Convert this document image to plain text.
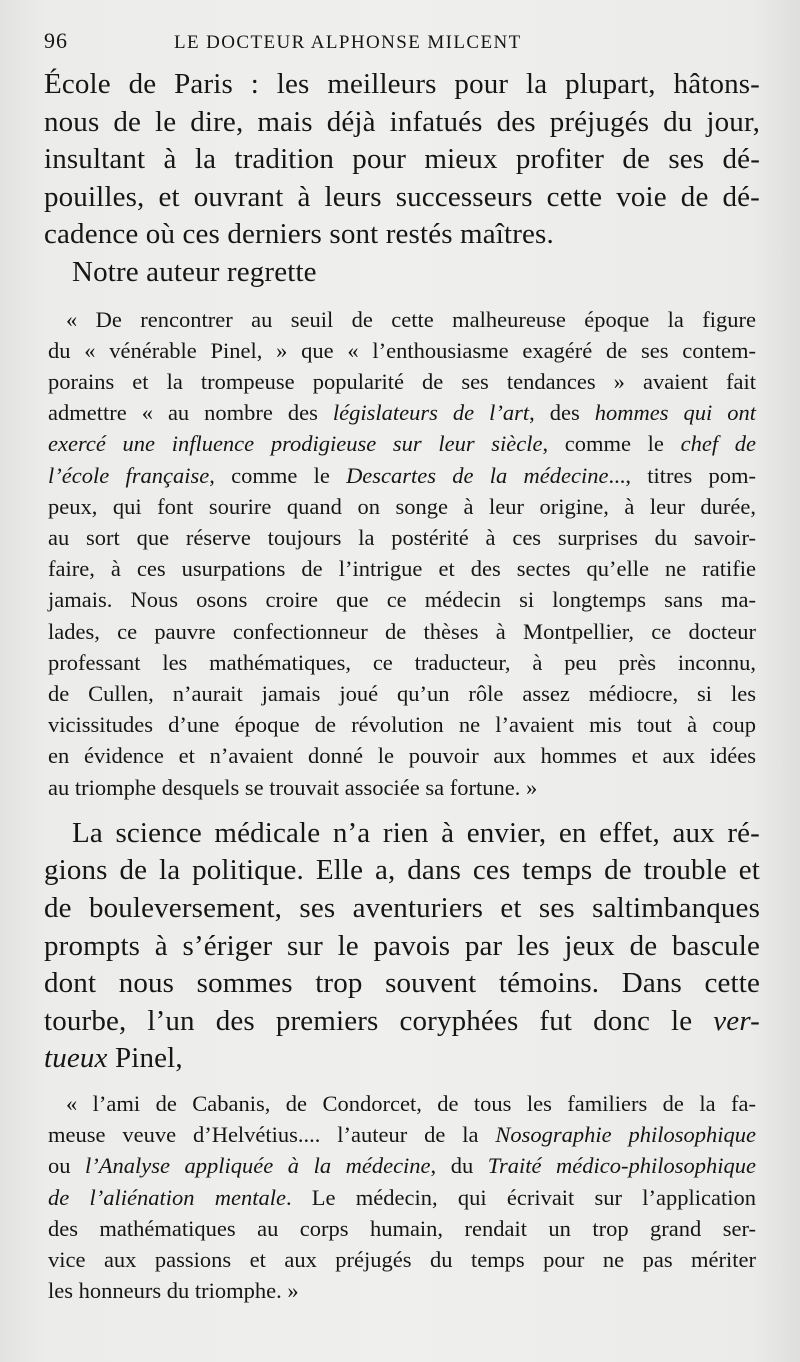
96	LE DOCTEUR ALPHONSE MILCENT
École de Paris : les meilleurs pour la plupart, hâtons-
nous de le dire, mais déjà infatués des préjugés du jour,
insultant à la tradition pour mieux profiter de ses dé-
pouilles, et ouvrant à leurs successeurs cette voie de dé-
cadence où ces derniers sont restés maîtres.
Notre auteur regrette
« De rencontrer au seuil de cette malheureuse époque la figure
du « vénérable Pinel, » que « l’enthousiasme exagéré de ses contem-
porains et la trompeuse popularité de ses tendances » avaient fait
admettre « au nombre des législateurs de l’art, des hommes qui ont
exercé une influence prodigieuse sur leur siècle, comme le chef de
l’école française, comme le Descartes de la médecine..., titres pom-
peux, qui font sourire quand on songe à leur origine, à leur durée,
au sort que réserve toujours la postérité à ces surprises du savoir-
faire, à ces usurpations de l’intrigue et des sectes qu’elle ne ratifie
jamais. Nous osons croire que ce médecin si longtemps sans ma-
lades, ce pauvre confectionneur de thèses à Montpellier, ce docteur
professant les mathématiques, ce traducteur, à peu près inconnu,
de Cullen, n’aurait jamais joué qu’un rôle assez médiocre, si les
vicissitudes d’une époque de révolution ne l’avaient mis tout à coup
en évidence et n’avaient donné le pouvoir aux hommes et aux idées
au triomphe desquels se trouvait associée sa fortune. »
La science médicale n’a rien à envier, en effet, aux ré-
gions de la politique. Elle a, dans ces temps de trouble et
de bouleversement, ses aventuriers et ses saltimbanques
prompts à s’ériger sur le pavois par les jeux de bascule
dont nous sommes trop souvent témoins. Dans cette
tourbe, l’un des premiers coryphées fut donc le ver-
tueux Pinel,
« l’ami de Cabanis, de Condorcet, de tous les familiers de la fa-
meuse veuve d’Helvétius.... l’auteur de la Nosographie philosophique
ou l’Analyse appliquée à la médecine, du Traité médico-philosophique
de l’aliénation mentale. Le médecin, qui écrivait sur l’application
des mathématiques au corps humain, rendait un trop grand ser-
vice aux passions et aux préjugés du temps pour ne pas mériter
les honneurs du triomphe. »
